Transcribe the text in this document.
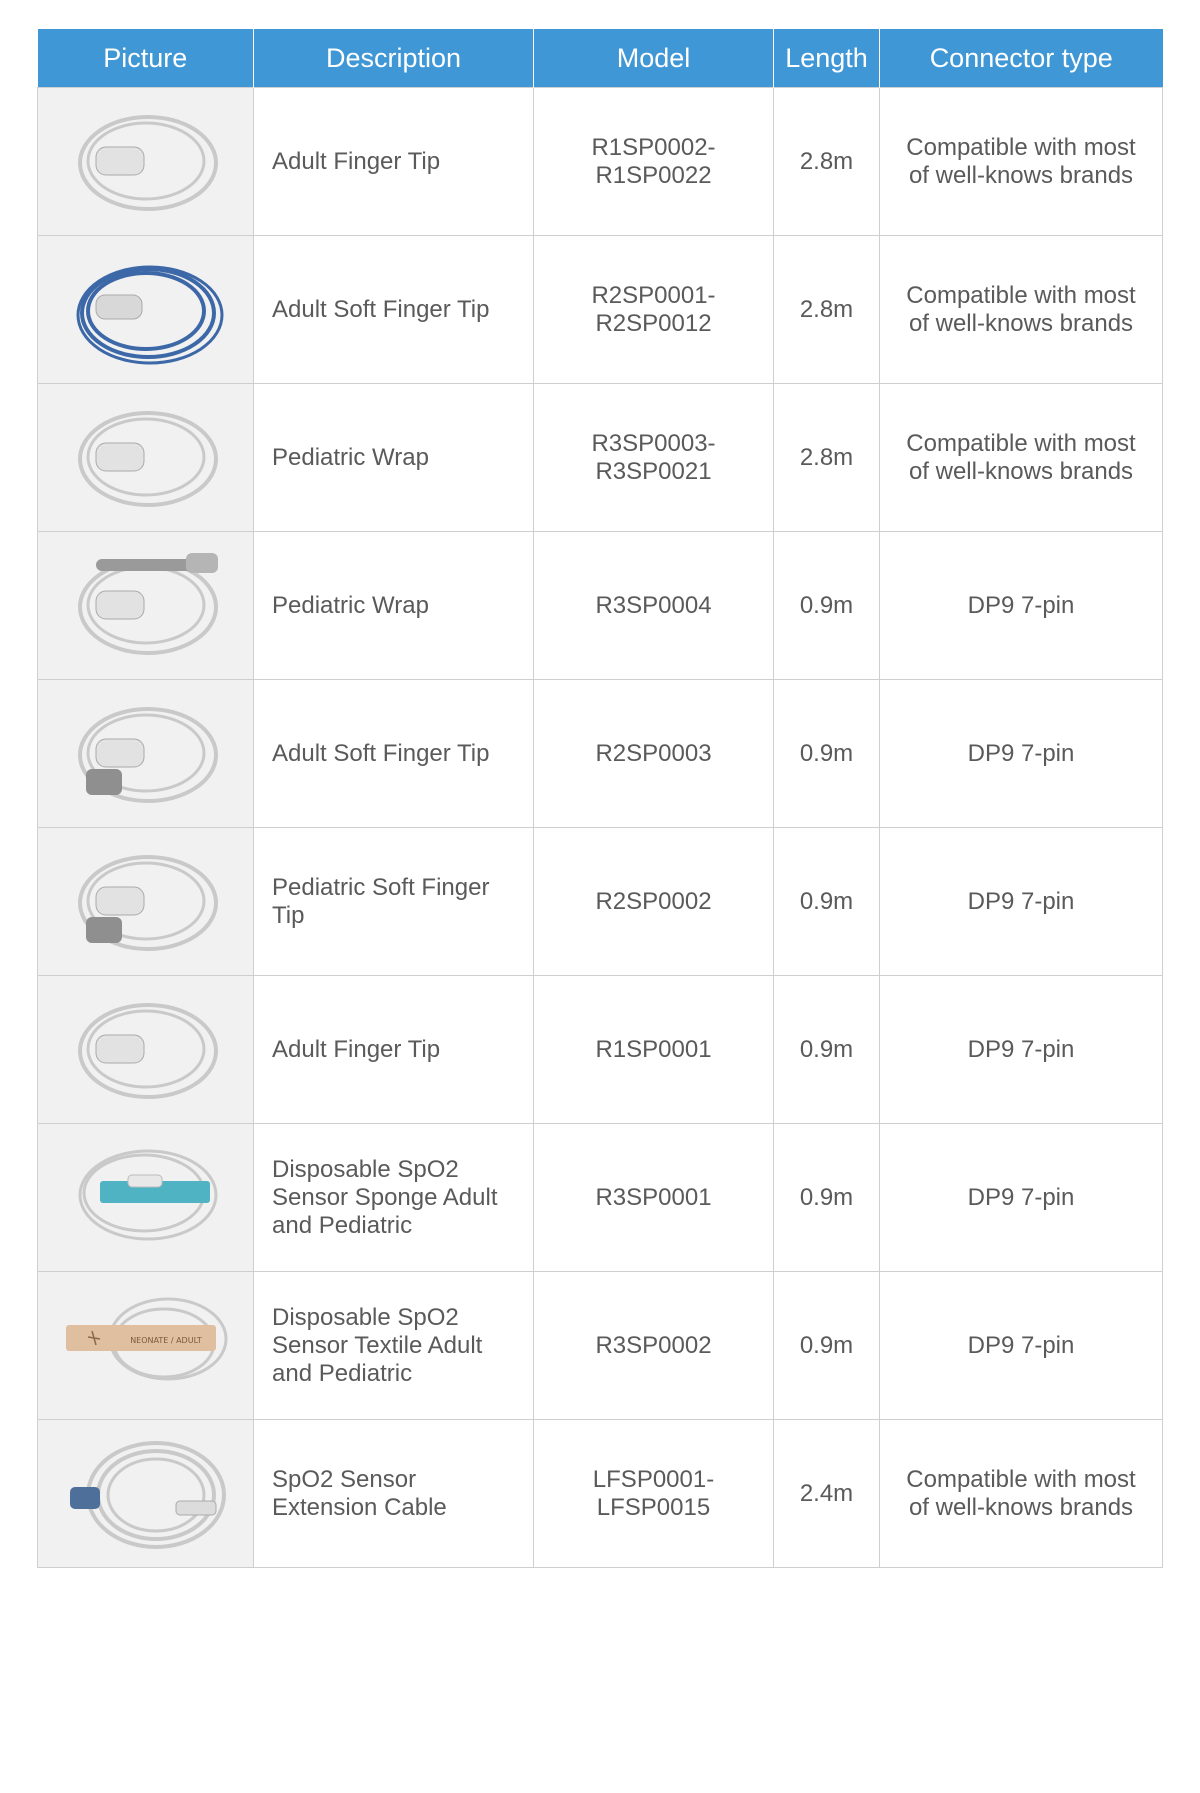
Picture	Description	Model	Length	Connector type

	Adult Finger Tip	R1SP0002-R1SP0022	2.8m	Compatible with most
of well-knows brands

	Adult Soft Finger Tip	R2SP0001-R2SP0012	2.8m	Compatible with most
of well-knows brands

	Pediatric Wrap	R3SP0003-R3SP0021	2.8m	Compatible with most
of well-knows brands

	Pediatric Wrap	R3SP0004	0.9m	DP9 7-pin

	Adult Soft Finger Tip	R2SP0003	0.9m	DP9 7-pin

	Pediatric Soft Finger Tip	R2SP0002	0.9m	DP9 7-pin

	Adult Finger Tip	R1SP0001	0.9m	DP9 7-pin

	Disposable SpO2
Sensor Sponge Adult
and Pediatric	R3SP0001	0.9m	DP9 7-pin

NEONATE / ADULT	Disposable SpO2
Sensor Textile Adult
and Pediatric	R3SP0002	0.9m	DP9 7-pin

	SpO2 Sensor
Extension Cable	LFSP0001-LFSP0015	2.4m	Compatible with most
of well-knows brands
